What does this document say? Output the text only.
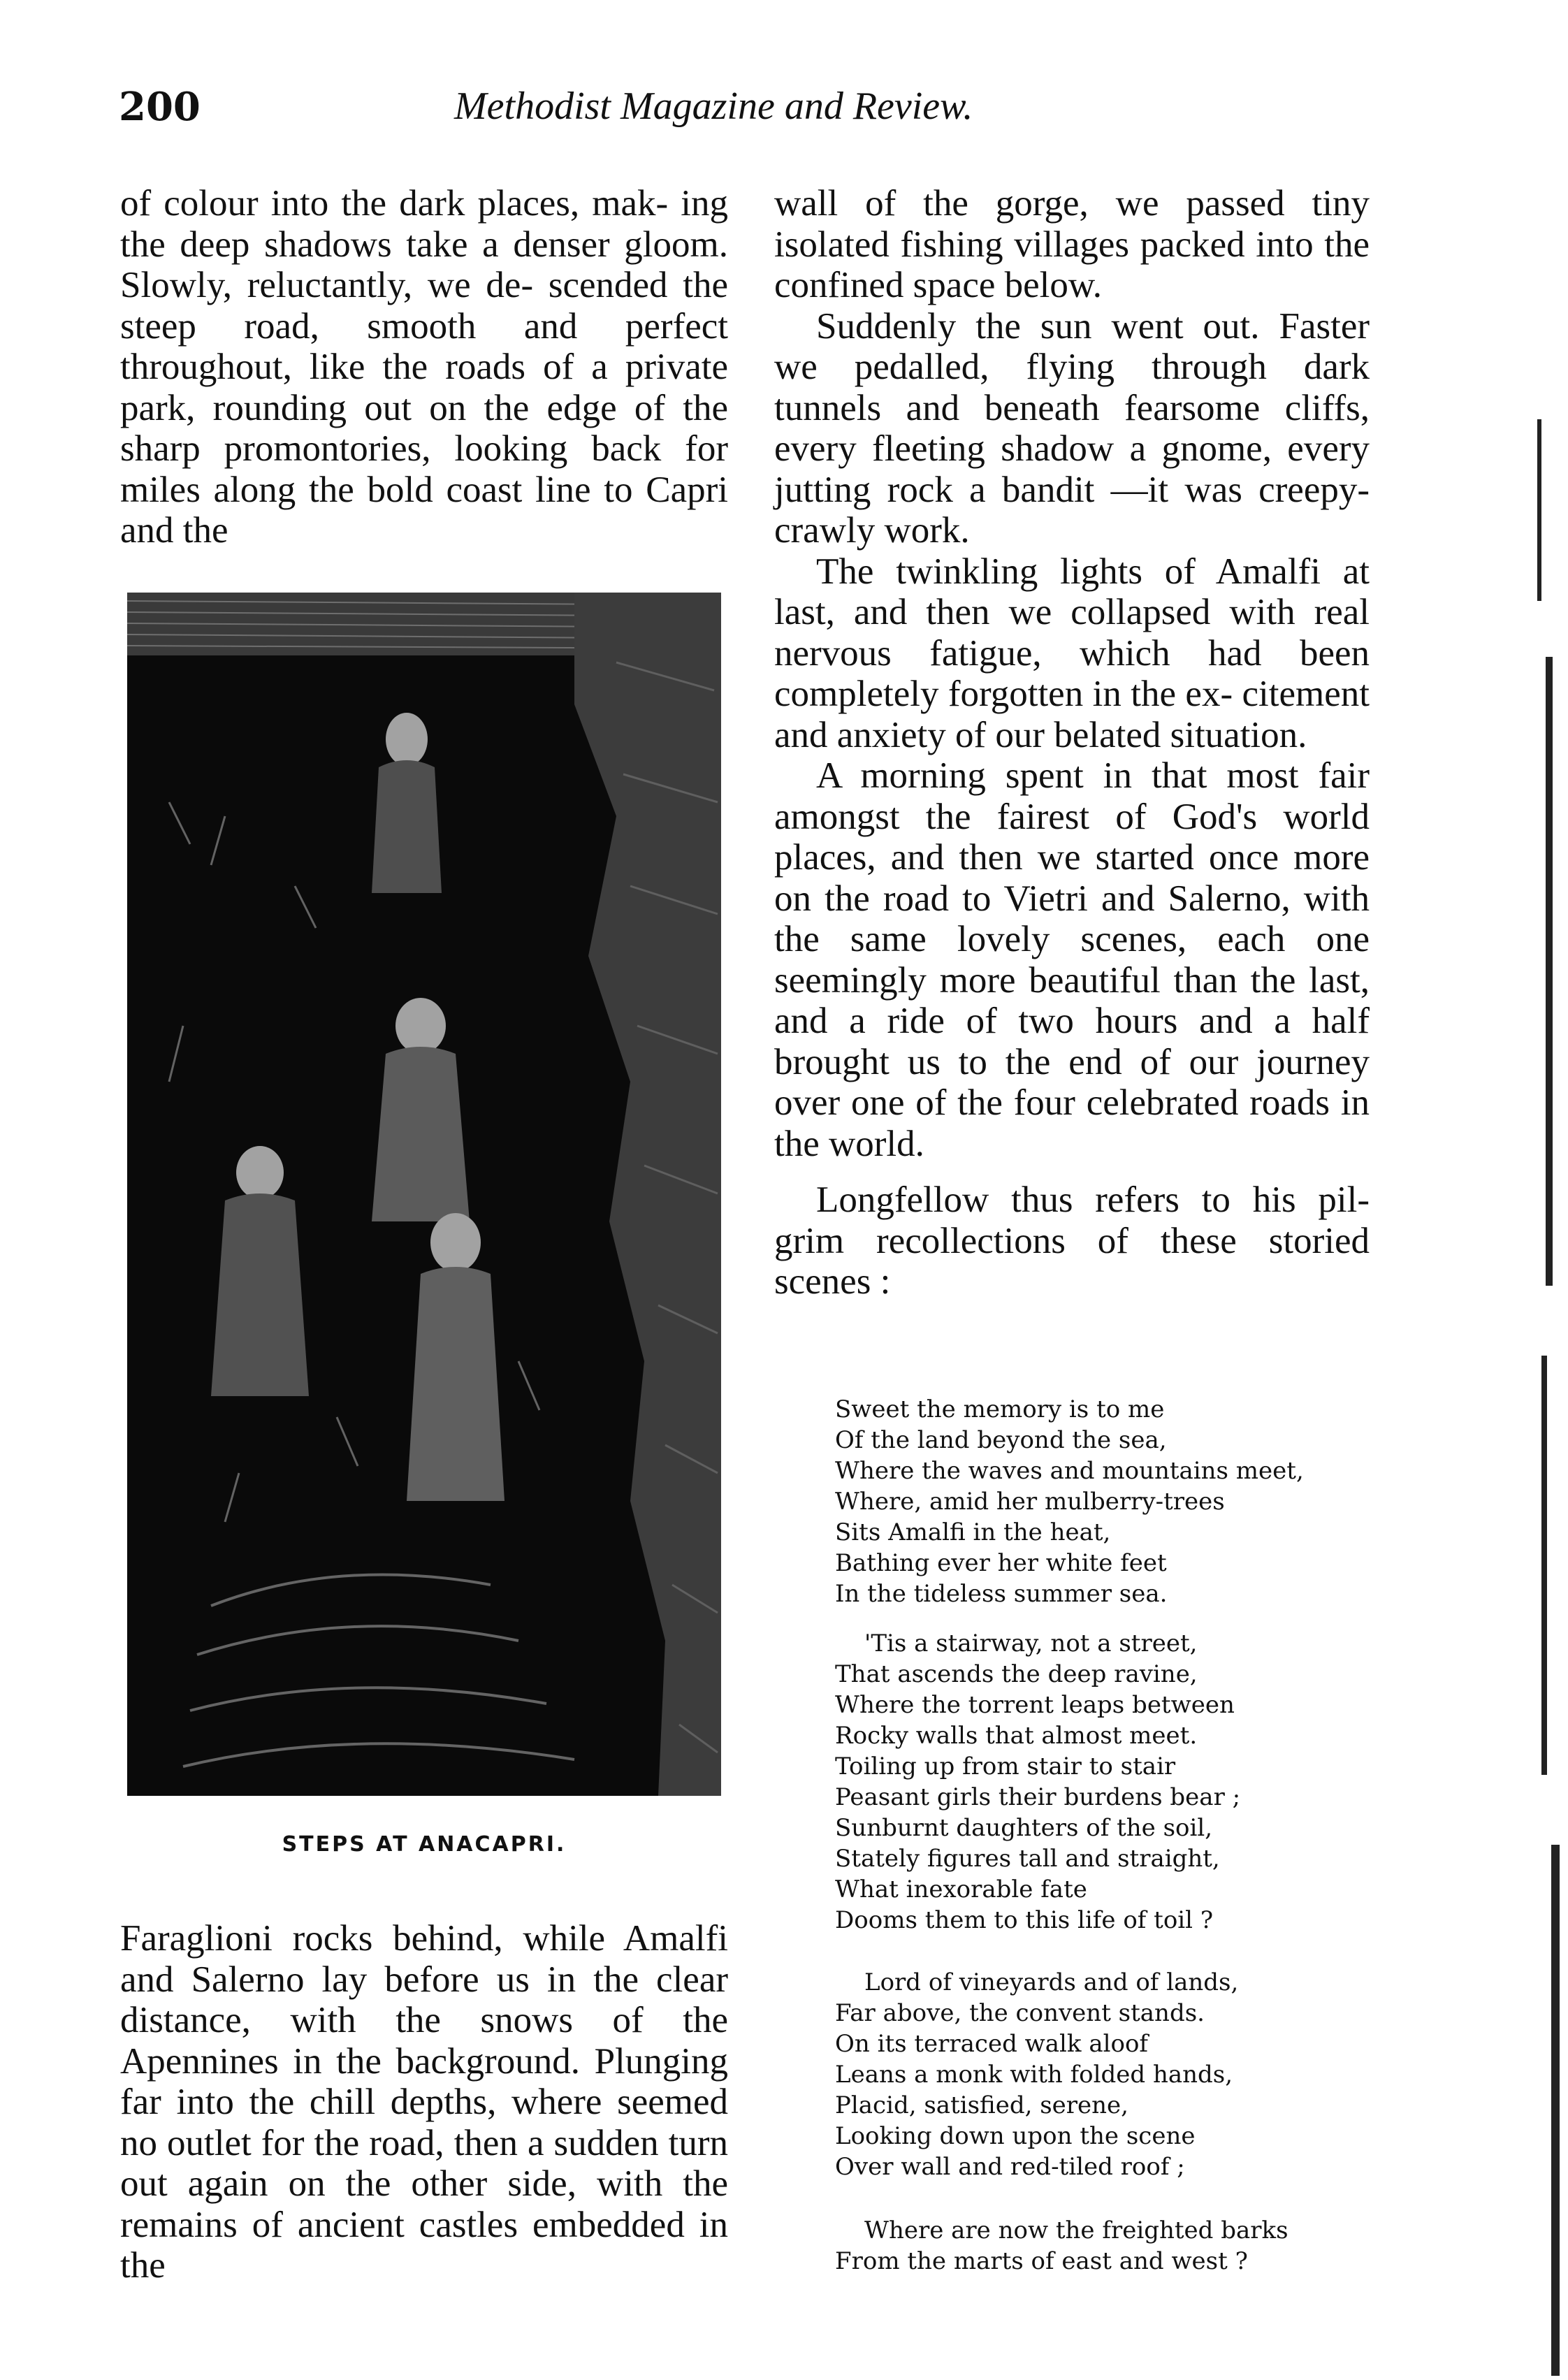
200	Methodist Magazine and Review.

of colour into the dark places, mak- ing the deep shadows take a denser gloom. Slowly, reluctantly, we de- scended the steep road, smooth and perfect throughout, like the roads of a private park, rounding out on the edge of the sharp promontories, looking back for miles along the bold coast line to Capri and the

STEPS AT ANACAPRI.

Faraglioni rocks behind, while Amalfi and Salerno lay before us in the clear distance, with the snows of the Apennines in the background. Plunging far into the chill depths, where seemed no outlet for the road, then a sudden turn out again on the other side, with the remains of ancient castles embedded in the

wall of the gorge, we passed tiny isolated fishing villages packed into the confined space below.

Suddenly the sun went out. Faster we pedalled, flying through dark tunnels and beneath fearsome cliffs, every fleeting shadow a gnome, every jutting rock a bandit —it was creepy-crawly work.

The twinkling lights of Amalfi at last, and then we collapsed with real nervous fatigue, which had been completely forgotten in the ex- citement and anxiety of our belated situation.

A morning spent in that most fair amongst the fairest of God's world places, and then we started once more on the road to Vietri and Salerno, with the same lovely scenes, each one seemingly more beautiful than the last, and a ride of two hours and a half brought us to the end of our journey over one of the four celebrated roads in the world.

Longfellow thus refers to his pil- grim recollections of these storied scenes :

Sweet the memory is to me
Of the land beyond the sea,
Where the waves and mountains meet,
Where, amid her mulberry-trees
Sits Amalfi in the heat,
Bathing ever her white feet
In the tideless summer sea.
'Tis a stairway, not a street,
That ascends the deep ravine,
Where the torrent leaps between
Rocky walls that almost meet.
Toiling up from stair to stair
Peasant girls their burdens bear ;
Sunburnt daughters of the soil,
Stately figures tall and straight,
What inexorable fate
Dooms them to this life of toil ?
Lord of vineyards and of lands,
Far above, the convent stands.
On its terraced walk aloof
Leans a monk with folded hands,
Placid, satisfied, serene,
Looking down upon the scene
Over wall and red-tiled roof ;
Where are now the freighted barks
From the marts of east and west ?
